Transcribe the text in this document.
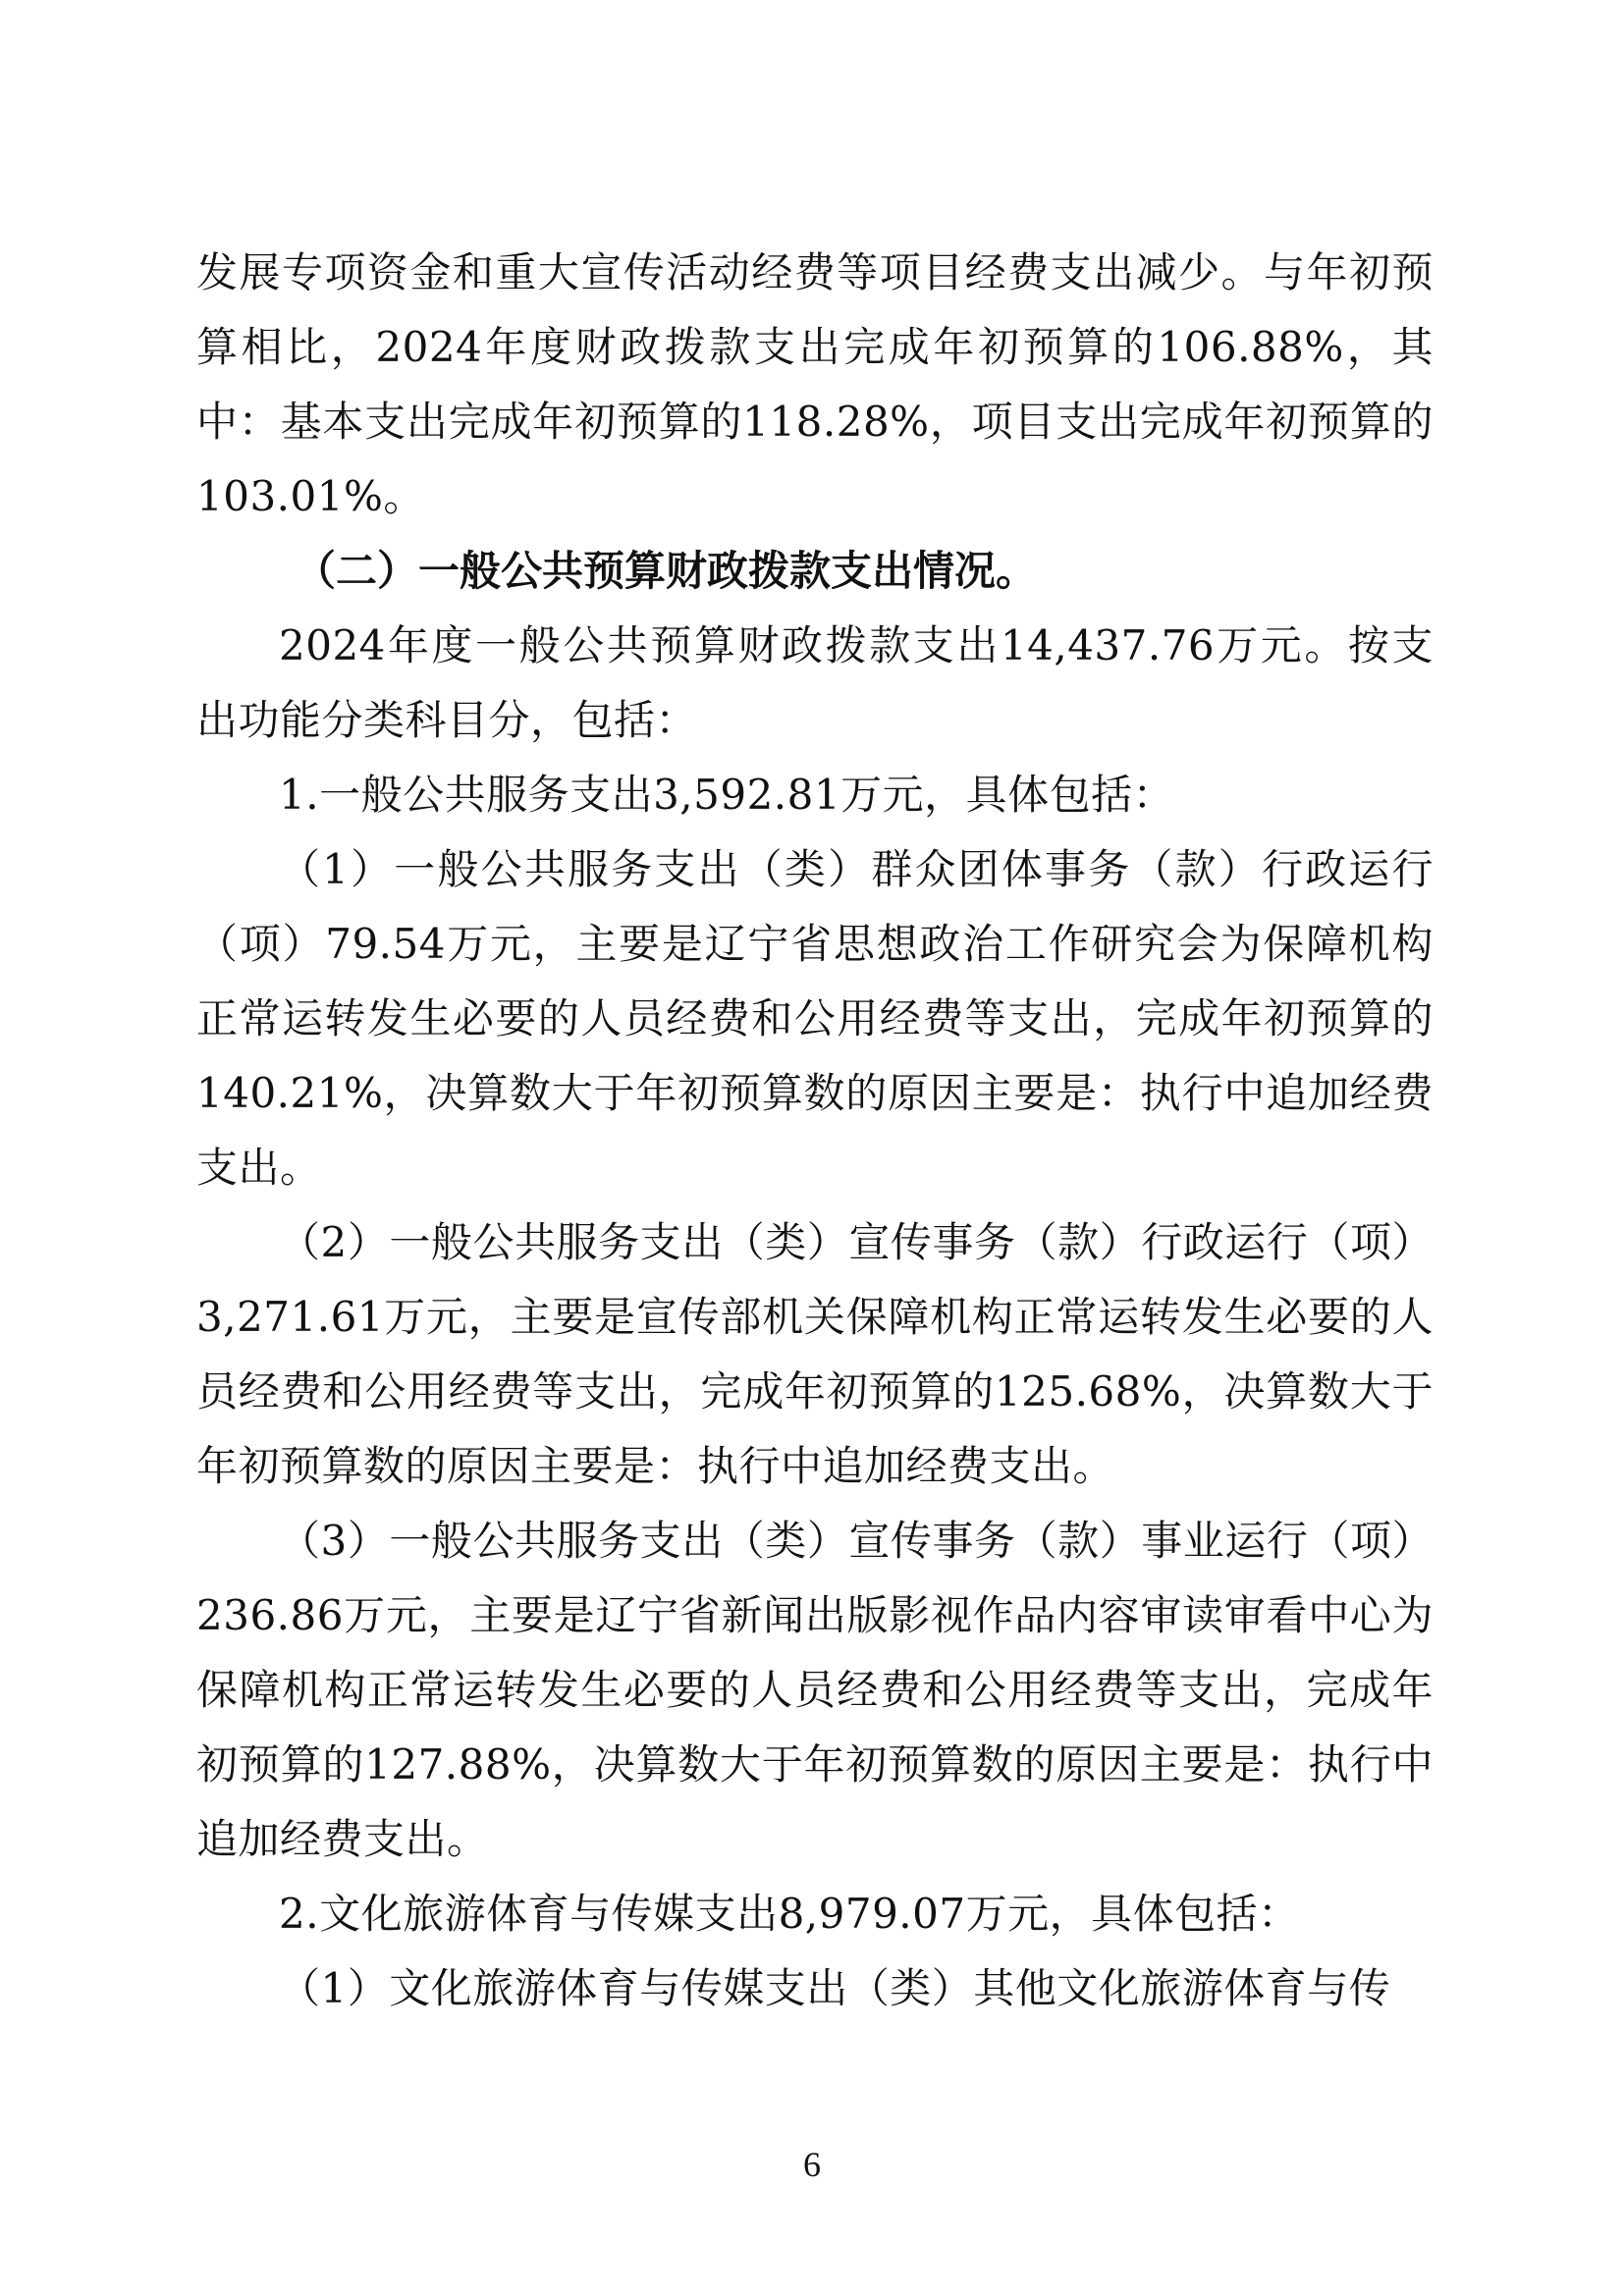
发展专项资金和重大宣传活动经费等项目经费支出减少。与年初预算相比，2024年度财政拨款支出完成年初预算的106.88%，其中：基本支出完成年初预算的118.28%，项目支出完成年初预算的103.01%。

（二）一般公共预算财政拨款支出情况。

2024年度一般公共预算财政拨款支出14,437.76万元。按支出功能分类科目分，包括：

1.一般公共服务支出3,592.81万元，具体包括：

（1）一般公共服务支出（类）群众团体事务（款）行政运行（项）79.54万元，主要是辽宁省思想政治工作研究会为保障机构正常运转发生必要的人员经费和公用经费等支出，完成年初预算的140.21%，决算数大于年初预算数的原因主要是：执行中追加经费支出。

（2）一般公共服务支出（类）宣传事务（款）行政运行（项）3,271.61万元，主要是宣传部机关保障机构正常运转发生必要的人员经费和公用经费等支出，完成年初预算的125.68%，决算数大于年初预算数的原因主要是：执行中追加经费支出。

（3）一般公共服务支出（类）宣传事务（款）事业运行（项）236.86万元，主要是辽宁省新闻出版影视作品内容审读审看中心为保障机构正常运转发生必要的人员经费和公用经费等支出，完成年初预算的127.88%，决算数大于年初预算数的原因主要是：执行中追加经费支出。

2.文化旅游体育与传媒支出8,979.07万元，具体包括：

（1）文化旅游体育与传媒支出（类）其他文化旅游体育与传

6
